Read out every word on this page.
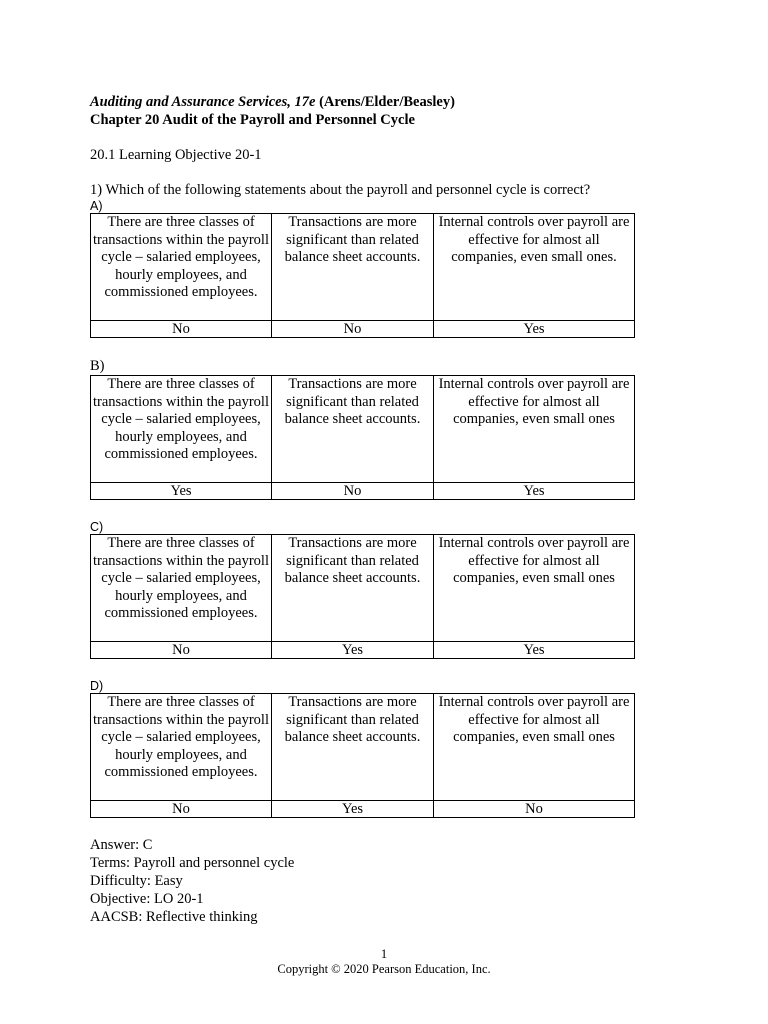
Auditing and Assurance Services, 17e (Arens/Elder/Beasley)
Chapter 20 Audit of the Payroll and Personnel Cycle
20.1 Learning Objective 20-1
1) Which of the following statements about the payroll and personnel cycle is correct?
A)
There are three classes of transactions within the payroll cycle – salaried employees, hourly employees, and commissioned employees.	Transactions are more significant than related balance sheet accounts.	Internal controls over payroll are effective for almost all companies, even small ones.
No	No	Yes
B)
There are three classes of transactions within the payroll cycle – salaried employees, hourly employees, and commissioned employees.	Transactions are more significant than related balance sheet accounts.	Internal controls over payroll are effective for almost all companies, even small ones
Yes	No	Yes
C)
There are three classes of transactions within the payroll cycle – salaried employees, hourly employees, and commissioned employees.	Transactions are more significant than related balance sheet accounts.	Internal controls over payroll are effective for almost all companies, even small ones
No	Yes	Yes
D)
There are three classes of transactions within the payroll cycle – salaried employees, hourly employees, and commissioned employees.	Transactions are more significant than related balance sheet accounts.	Internal controls over payroll are effective for almost all companies, even small ones
No	Yes	No
Answer: C
Terms: Payroll and personnel cycle
Difficulty: Easy
Objective: LO 20-1
AACSB: Reflective thinking
1
Copyright © 2020 Pearson Education, Inc.
